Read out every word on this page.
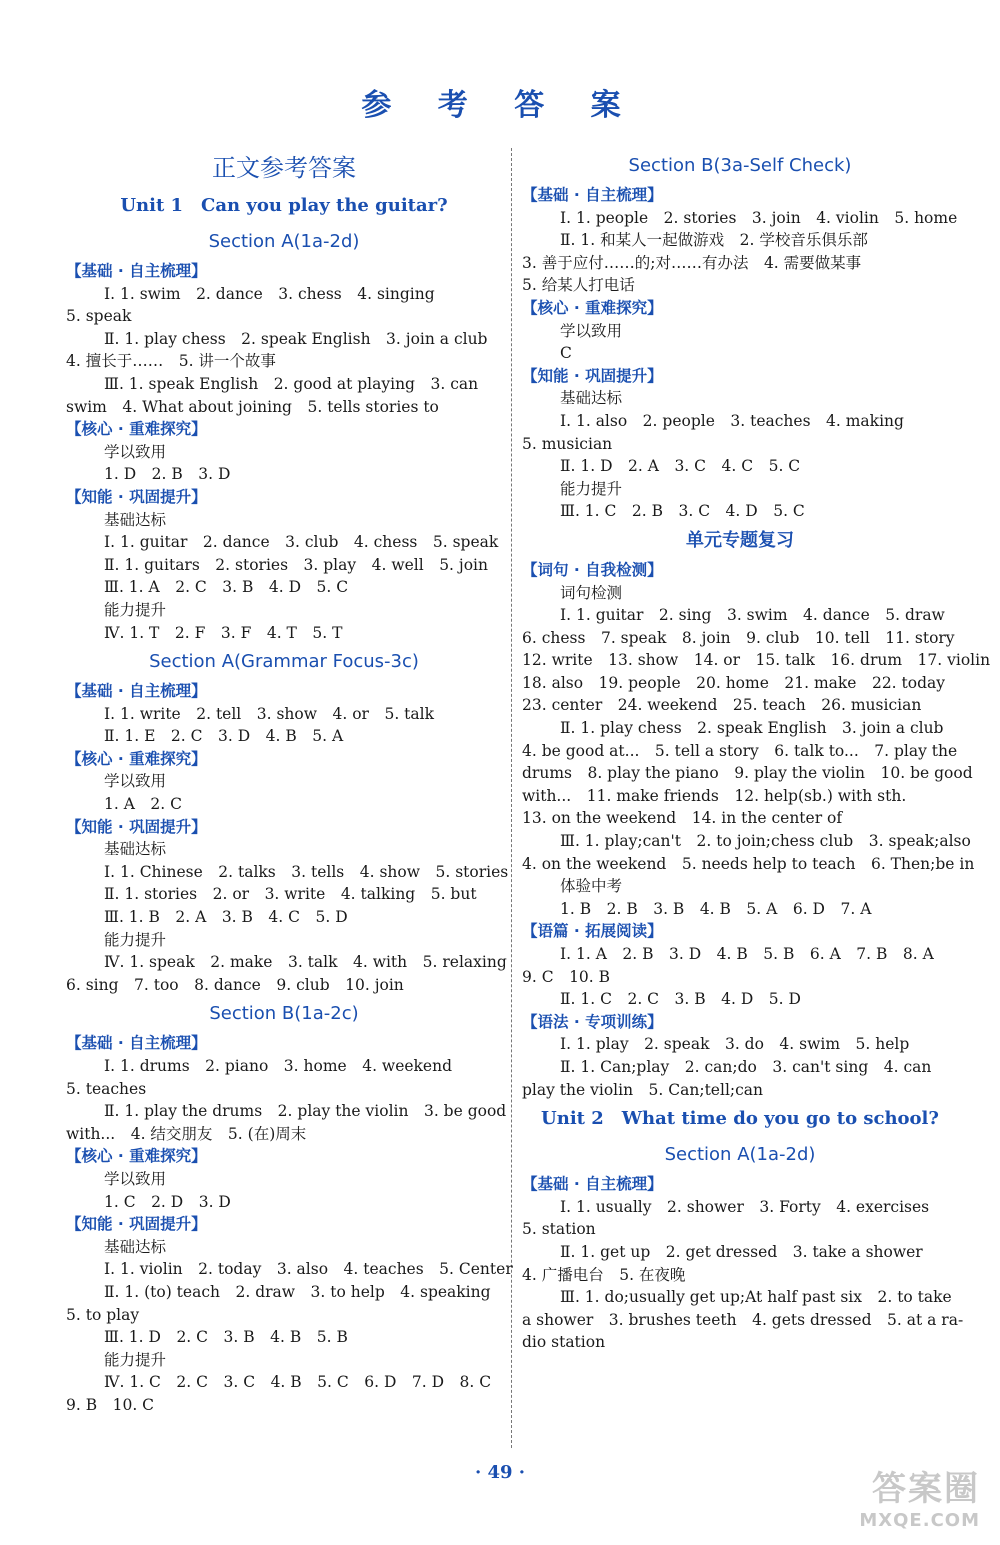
参 考 答 案
正文参考答案
Unit 1　Can you play the guitar?
Section A(1a-2d)
【基础 · 自主梳理】
Ⅰ. 1. swim　2. dance　3. chess　4. singing
5. speak
Ⅱ. 1. play chess　2. speak English　3. join a club
4. 擅长于……　5. 讲一个故事
Ⅲ. 1. speak English　2. good at playing　3. can
swim　4. What about joining　5. tells stories to
【核心 · 重难探究】
学以致用
1. D　2. B　3. D
【知能 · 巩固提升】
基础达标
Ⅰ. 1. guitar　2. dance　3. club　4. chess　5. speak
Ⅱ. 1. guitars　2. stories　3. play　4. well　5. join
Ⅲ. 1. A　2. C　3. B　4. D　5. C
能力提升
Ⅳ. 1. T　2. F　3. F　4. T　5. T
Section A(Grammar Focus-3c)
【基础 · 自主梳理】
Ⅰ. 1. write　2. tell　3. show　4. or　5. talk
Ⅱ. 1. E　2. C　3. D　4. B　5. A
【核心 · 重难探究】
学以致用
1. A　2. C
【知能 · 巩固提升】
基础达标
Ⅰ. 1. Chinese　2. talks　3. tells　4. show　5. stories
Ⅱ. 1. stories　2. or　3. write　4. talking　5. but
Ⅲ. 1. B　2. A　3. B　4. C　5. D
能力提升
Ⅳ. 1. speak　2. make　3. talk　4. with　5. relaxing
6. sing　7. too　8. dance　9. club　10. join
Section B(1a-2c)
【基础 · 自主梳理】
Ⅰ. 1. drums　2. piano　3. home　4. weekend
5. teaches
Ⅱ. 1. play the drums　2. play the violin　3. be good
with...　4. 结交朋友　5. (在)周末
【核心 · 重难探究】
学以致用
1. C　2. D　3. D
【知能 · 巩固提升】
基础达标
Ⅰ. 1. violin　2. today　3. also　4. teaches　5. Center
Ⅱ. 1. (to) teach　2. draw　3. to help　4. speaking
5. to play
Ⅲ. 1. D　2. C　3. B　4. B　5. B
能力提升
Ⅳ. 1. C　2. C　3. C　4. B　5. C　6. D　7. D　8. C
9. B　10. C
Section B(3a-Self Check)
【基础 · 自主梳理】
Ⅰ. 1. people　2. stories　3. join　4. violin　5. home
Ⅱ. 1. 和某人一起做游戏　2. 学校音乐俱乐部
3. 善于应付……的;对……有办法　4. 需要做某事
5. 给某人打电话
【核心 · 重难探究】
学以致用
C
【知能 · 巩固提升】
基础达标
Ⅰ. 1. also　2. people　3. teaches　4. making
5. musician
Ⅱ. 1. D　2. A　3. C　4. C　5. C
能力提升
Ⅲ. 1. C　2. B　3. C　4. D　5. C
单元专题复习
【词句 · 自我检测】
词句检测
Ⅰ. 1. guitar　2. sing　3. swim　4. dance　5. draw
6. chess　7. speak　8. join　9. club　10. tell　11. story
12. write　13. show　14. or　15. talk　16. drum　17. violin
18. also　19. people　20. home　21. make　22. today
23. center　24. weekend　25. teach　26. musician
Ⅱ. 1. play chess　2. speak English　3. join a club
4. be good at...　5. tell a story　6. talk to...　7. play the
drums　8. play the piano　9. play the violin　10. be good
with...　11. make friends　12. help(sb.) with sth.
13. on the weekend　14. in the center of
Ⅲ. 1. play;can't　2. to join;chess club　3. speak;also
4. on the weekend　5. needs help to teach　6. Then;be in
体验中考
1. B　2. B　3. B　4. B　5. A　6. D　7. A
【语篇 · 拓展阅读】
Ⅰ. 1. A　2. B　3. D　4. B　5. B　6. A　7. B　8. A
9. C　10. B
Ⅱ. 1. C　2. C　3. B　4. D　5. D
【语法 · 专项训练】
Ⅰ. 1. play　2. speak　3. do　4. swim　5. help
Ⅱ. 1. Can;play　2. can;do　3. can't sing　4. can
play the violin　5. Can;tell;can
Unit 2　What time do you go to school?
Section A(1a-2d)
【基础 · 自主梳理】
Ⅰ. 1. usually　2. shower　3. Forty　4. exercises
5. station
Ⅱ. 1. get up　2. get dressed　3. take a shower
4. 广播电台　5. 在夜晚
Ⅲ. 1. do;usually get up;At half past six　2. to take
a shower　3. brushes teeth　4. gets dressed　5. at a ra-
dio station
· 49 ·	答案圈
MXQE.COM
